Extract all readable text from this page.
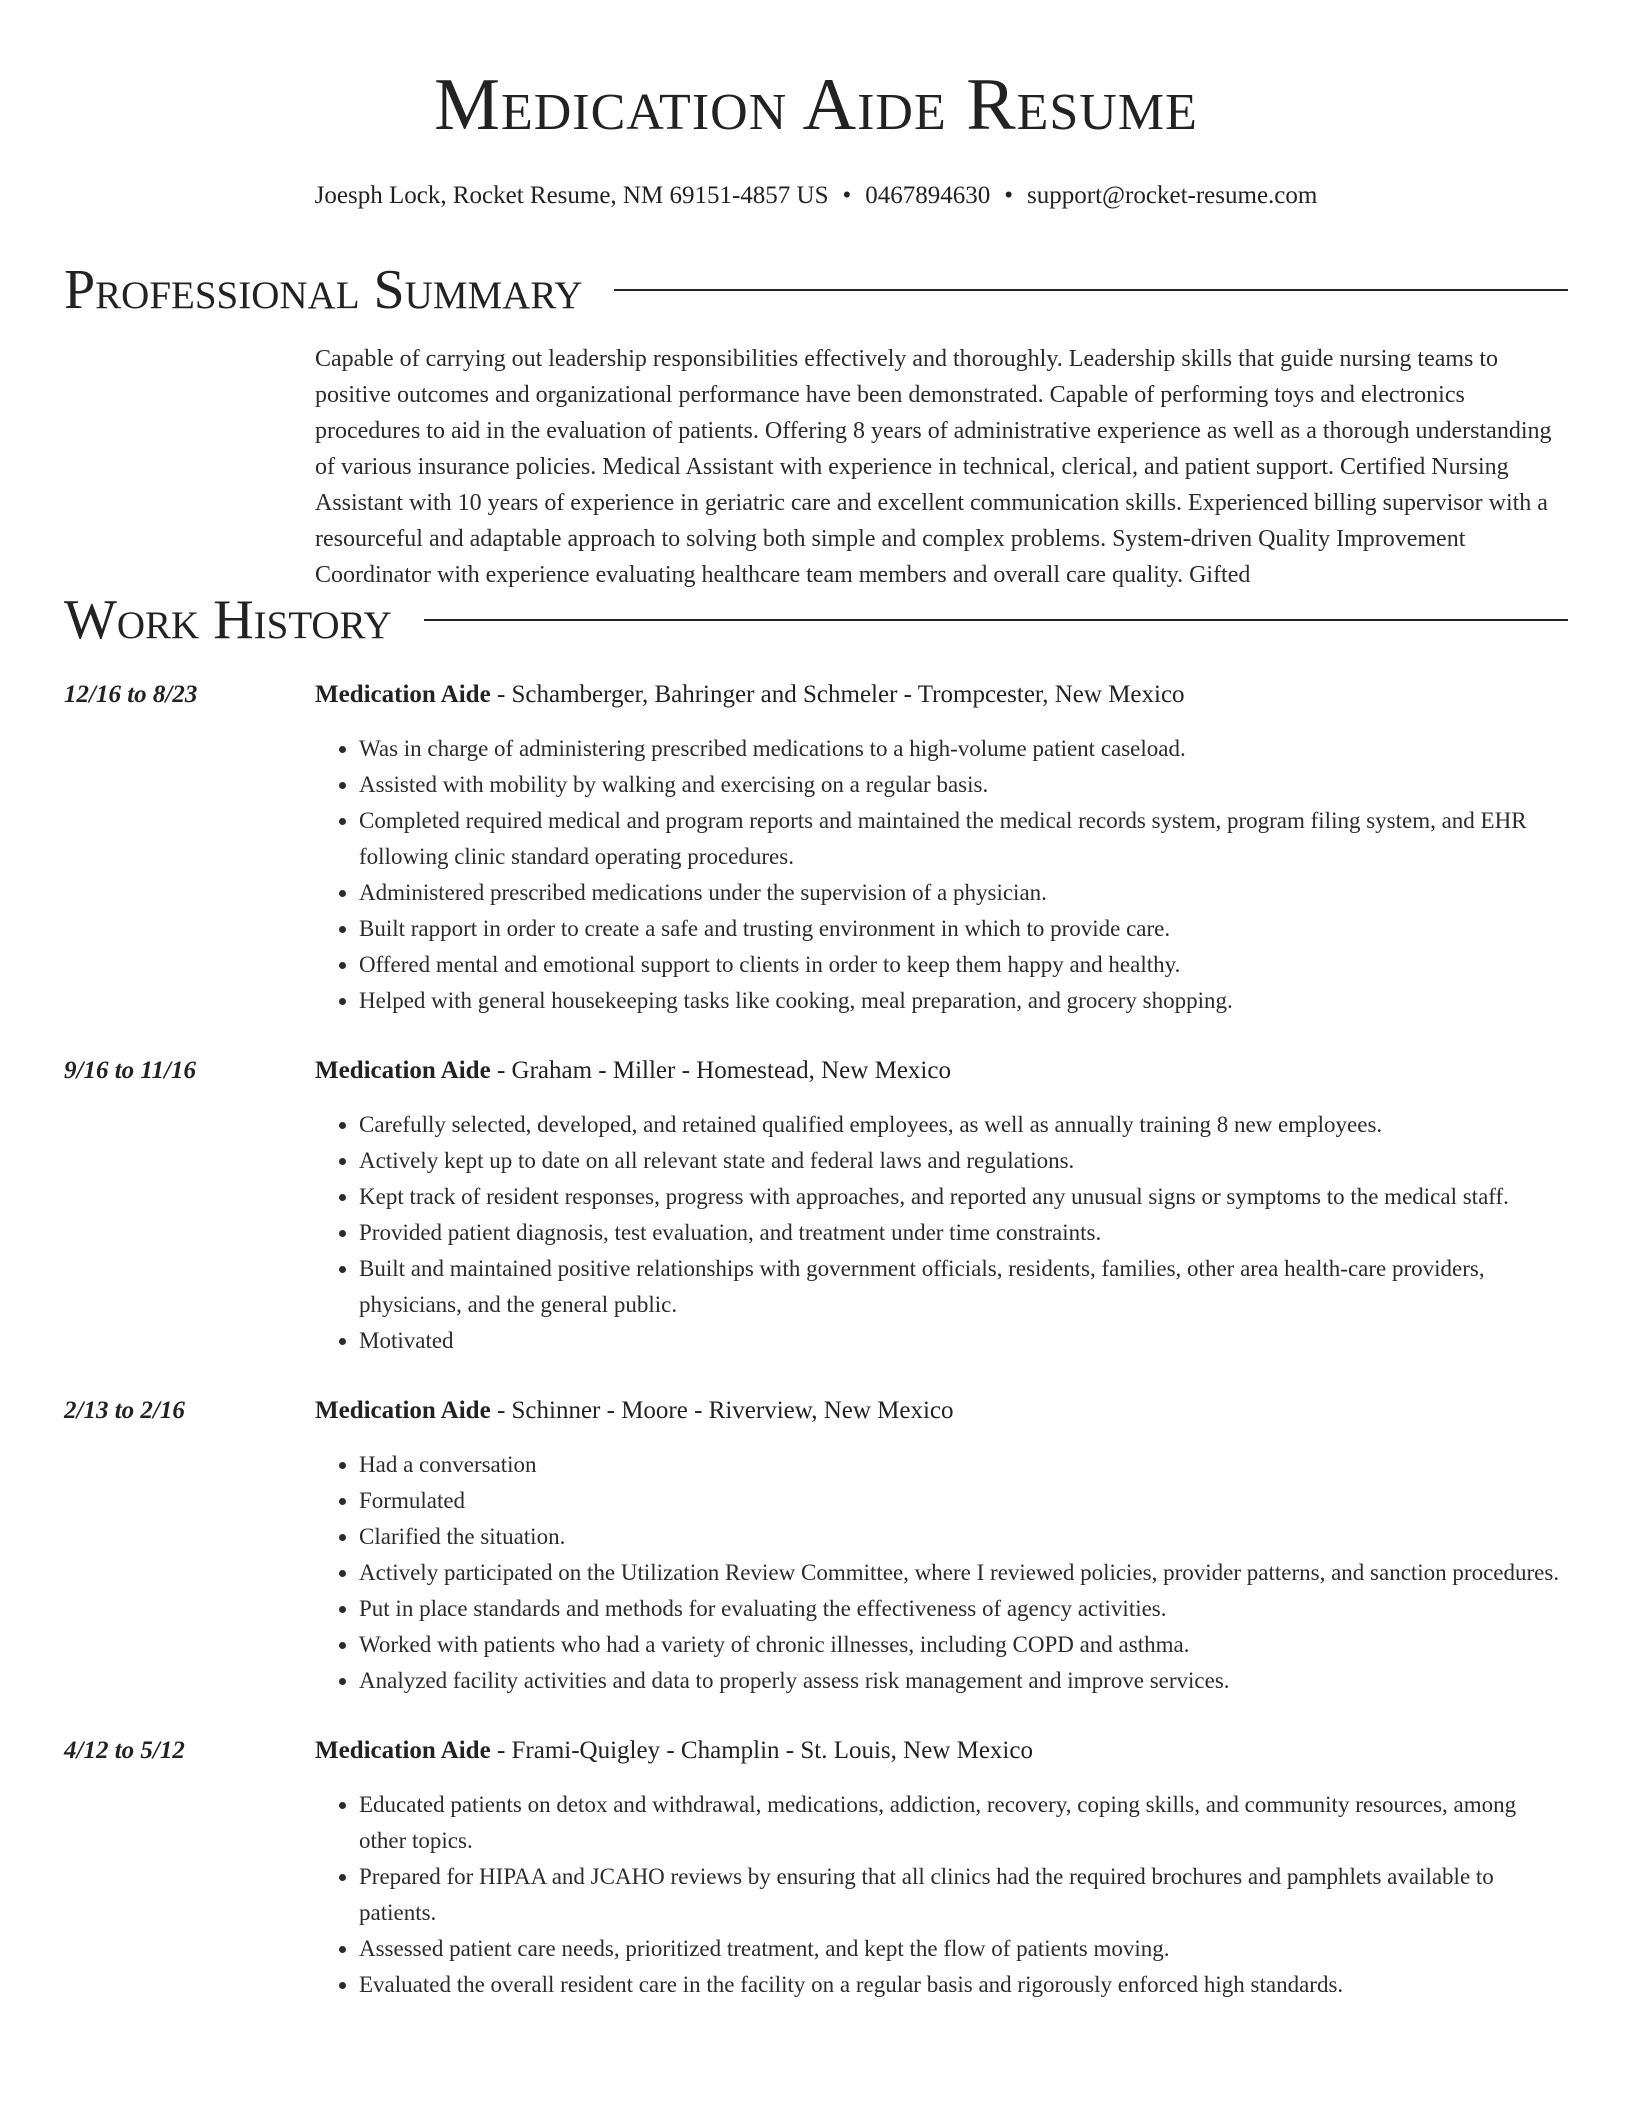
Medication Aide Resume
Joesph Lock, Rocket Resume, NM 69151-4857 US • 0467894630 • support@rocket-resume.com
Professional Summary
Capable of carrying out leadership responsibilities effectively and thoroughly. Leadership skills that guide nursing teams to positive outcomes and organizational performance have been demonstrated. Capable of performing toys and electronics procedures to aid in the evaluation of patients. Offering 8 years of administrative experience as well as a thorough understanding of various insurance policies. Medical Assistant with experience in technical, clerical, and patient support. Certified Nursing Assistant with 10 years of experience in geriatric care and excellent communication skills. Experienced billing supervisor with a resourceful and adaptable approach to solving both simple and complex problems. System-driven Quality Improvement Coordinator with experience evaluating healthcare team members and overall care quality. Gifted
Work History
12/16 to 8/23	Medication Aide - Schamberger, Bahringer and Schmeler - Trompcester, New Mexico
• Was in charge of administering prescribed medications to a high-volume patient caseload.
• Assisted with mobility by walking and exercising on a regular basis.
• Completed required medical and program reports and maintained the medical records system, program filing system, and EHR following clinic standard operating procedures.
• Administered prescribed medications under the supervision of a physician.
• Built rapport in order to create a safe and trusting environment in which to provide care.
• Offered mental and emotional support to clients in order to keep them happy and healthy.
• Helped with general housekeeping tasks like cooking, meal preparation, and grocery shopping.
9/16 to 11/16	Medication Aide - Graham - Miller - Homestead, New Mexico
• Carefully selected, developed, and retained qualified employees, as well as annually training 8 new employees.
• Actively kept up to date on all relevant state and federal laws and regulations.
• Kept track of resident responses, progress with approaches, and reported any unusual signs or symptoms to the medical staff.
• Provided patient diagnosis, test evaluation, and treatment under time constraints.
• Built and maintained positive relationships with government officials, residents, families, other area health-care providers, physicians, and the general public.
• Motivated
2/13 to 2/16	Medication Aide - Schinner - Moore - Riverview, New Mexico
• Had a conversation
• Formulated
• Clarified the situation.
• Actively participated on the Utilization Review Committee, where I reviewed policies, provider patterns, and sanction procedures.
• Put in place standards and methods for evaluating the effectiveness of agency activities.
• Worked with patients who had a variety of chronic illnesses, including COPD and asthma.
• Analyzed facility activities and data to properly assess risk management and improve services.
4/12 to 5/12	Medication Aide - Frami-Quigley - Champlin - St. Louis, New Mexico
• Educated patients on detox and withdrawal, medications, addiction, recovery, coping skills, and community resources, among other topics.
• Prepared for HIPAA and JCAHO reviews by ensuring that all clinics had the required brochures and pamphlets available to patients.
• Assessed patient care needs, prioritized treatment, and kept the flow of patients moving.
• Evaluated the overall resident care in the facility on a regular basis and rigorously enforced high standards.
